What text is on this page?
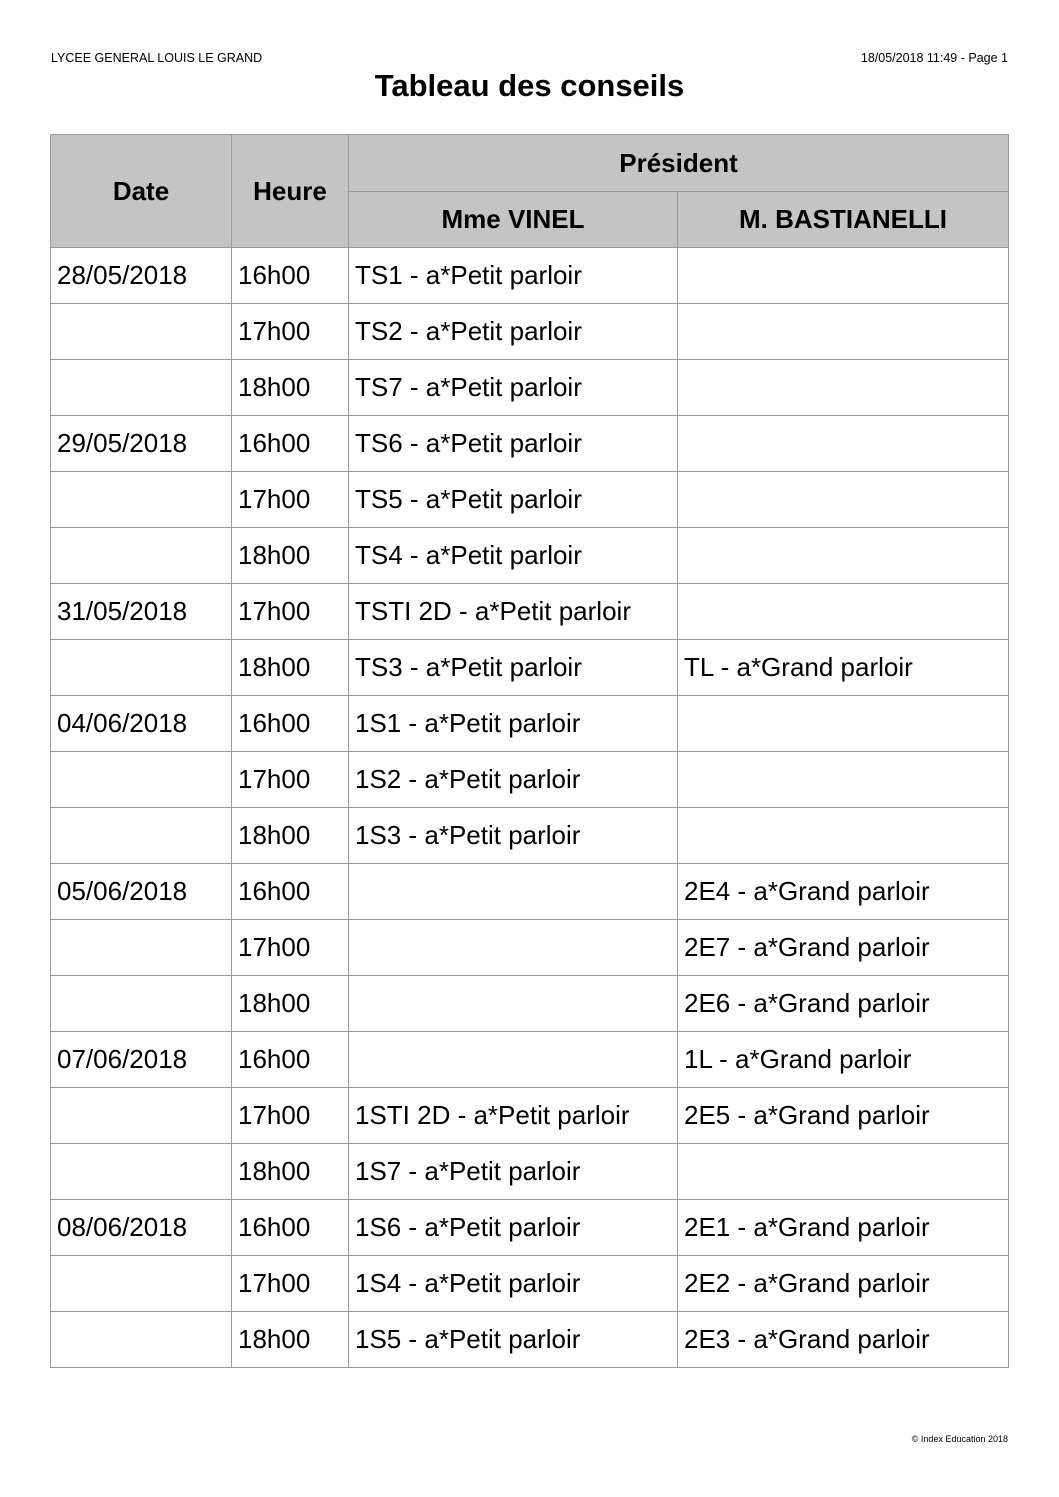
LYCEE GENERAL LOUIS LE GRAND	18/05/2018 11:49 - Page 1
Tableau des conseils
Date	Heure	Président	
		Mme VINEL	M. BASTIANELLI
28/05/2018	16h00	TS1 - a*Petit parloir	
	17h00	TS2 - a*Petit parloir	
	18h00	TS7 - a*Petit parloir	
29/05/2018	16h00	TS6 - a*Petit parloir	
	17h00	TS5 - a*Petit parloir	
	18h00	TS4 - a*Petit parloir	
31/05/2018	17h00	TSTI 2D - a*Petit parloir	
	18h00	TS3 - a*Petit parloir	TL - a*Grand parloir
04/06/2018	16h00	1S1 - a*Petit parloir	
	17h00	1S2 - a*Petit parloir	
	18h00	1S3 - a*Petit parloir	
05/06/2018	16h00		2E4 - a*Grand parloir
	17h00		2E7 - a*Grand parloir
	18h00		2E6 - a*Grand parloir
07/06/2018	16h00		1L - a*Grand parloir
	17h00	1STI 2D - a*Petit parloir	2E5 - a*Grand parloir
	18h00	1S7 - a*Petit parloir	
08/06/2018	16h00	1S6 - a*Petit parloir	2E1 - a*Grand parloir
	17h00	1S4 - a*Petit parloir	2E2 - a*Grand parloir
	18h00	1S5 - a*Petit parloir	2E3 - a*Grand parloir
© Index Education 2018
